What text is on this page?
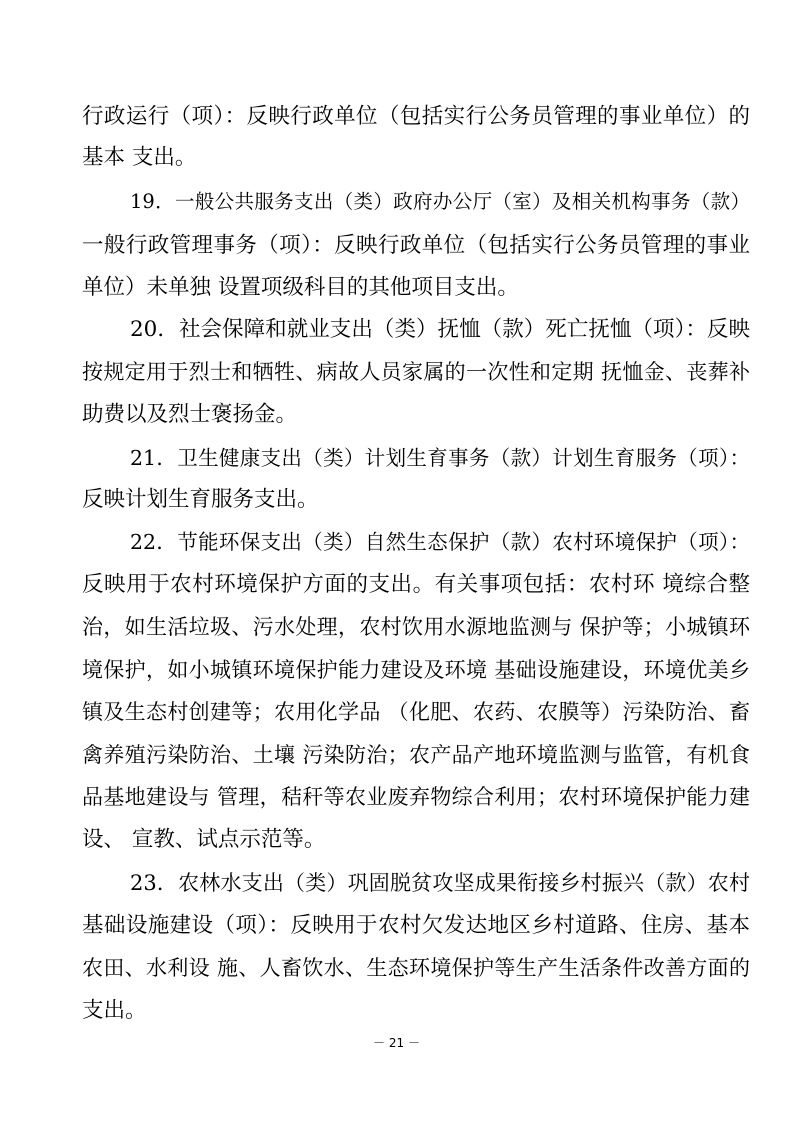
行政运行（项）：反映行政单位（包括实行公务员管理的事业单位）的
基本 支出。
19．一般公共服务支出（类）政府办公厅（室）及相关机构事务（款）
一般行政管理事务（项）：反映行政单位（包括实行公务员管理的事业
单位）未单独 设置项级科目的其他项目支出。
20．社会保障和就业支出（类）抚恤（款）死亡抚恤（项）：反映
按规定用于烈士和牺牲、病故人员家属的一次性和定期 抚恤金、丧葬补
助费以及烈士褒扬金。
21．卫生健康支出（类）计划生育事务（款）计划生育服务（项）：
反映计划生育服务支出。
22．节能环保支出（类）自然生态保护（款）农村环境保护（项）：
反映用于农村环境保护方面的支出。有关事项包括：农村环 境综合整
治，如生活垃圾、污水处理，农村饮用水源地监测与 保护等；小城镇环
境保护，如小城镇环境保护能力建设及环境 基础设施建设，环境优美乡
镇及生态村创建等；农用化学品 （化肥、农药、农膜等）污染防治、畜
禽养殖污染防治、土壤 污染防治；农产品产地环境监测与监管，有机食
品基地建设与 管理，秸秆等农业废弃物综合利用；农村环境保护能力建
设、 宣教、试点示范等。
23．农林水支出（类）巩固脱贫攻坚成果衔接乡村振兴（款）农村
基础设施建设（项）：反映用于农村欠发达地区乡村道路、住房、基本
农田、水利设 施、人畜饮水、生态环境保护等生产生活条件改善方面的
支出。
－ 21 －
